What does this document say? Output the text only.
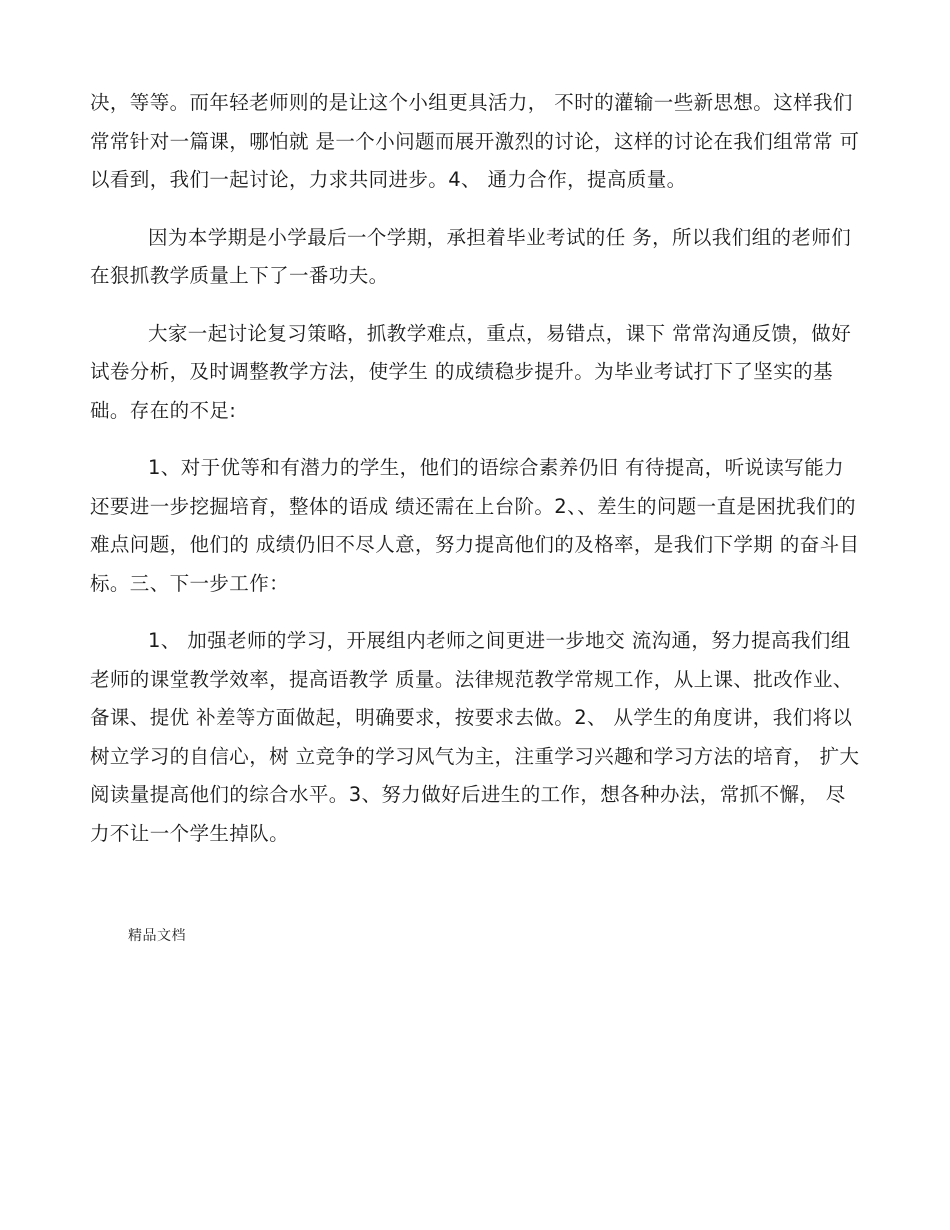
决，等等。而年轻老师则的是让这个小组更具活力， 不时的灌输一些新思想。这样我们常常针对一篇课，哪怕就 是一个小问题而展开激烈的讨论，这样的讨论在我们组常常 可以看到，我们一起讨论，力求共同进步。4、 通力合作，提高质量。

因为本学期是小学最后一个学期，承担着毕业考试的任 务，所以我们组的老师们在狠抓教学质量上下了一番功夫。

大家一起讨论复习策略，抓教学难点，重点，易错点，课下 常常沟通反馈，做好试卷分析，及时调整教学方法，使学生 的成绩稳步提升。为毕业考试打下了坚实的基础。存在的不足:

1、对于优等和有潜力的学生，他们的语综合素养仍旧 有待提高，听说读写能力还要进一步挖掘培育，整体的语成 绩还需在上台阶。2、、差生的问题一直是困扰我们的难点问题，他们的 成绩仍旧不尽人意，努力提高他们的及格率，是我们下学期 的奋斗目标。三、下一步工作：

1、 加强老师的学习，开展组内老师之间更进一步地交 流沟通，努力提高我们组老师的课堂教学效率，提高语教学 质量。法律规范教学常规工作，从上课、批改作业、备课、提优 补差等方面做起，明确要求，按要求去做。2、 从学生的角度讲，我们将以树立学习的自信心，树 立竞争的学习风气为主，注重学习兴趣和学习方法的培育， 扩大阅读量提高他们的综合水平。3、努力做好后进生的工作，想各种办法，常抓不懈， 尽力不让一个学生掉队。

精品文档
